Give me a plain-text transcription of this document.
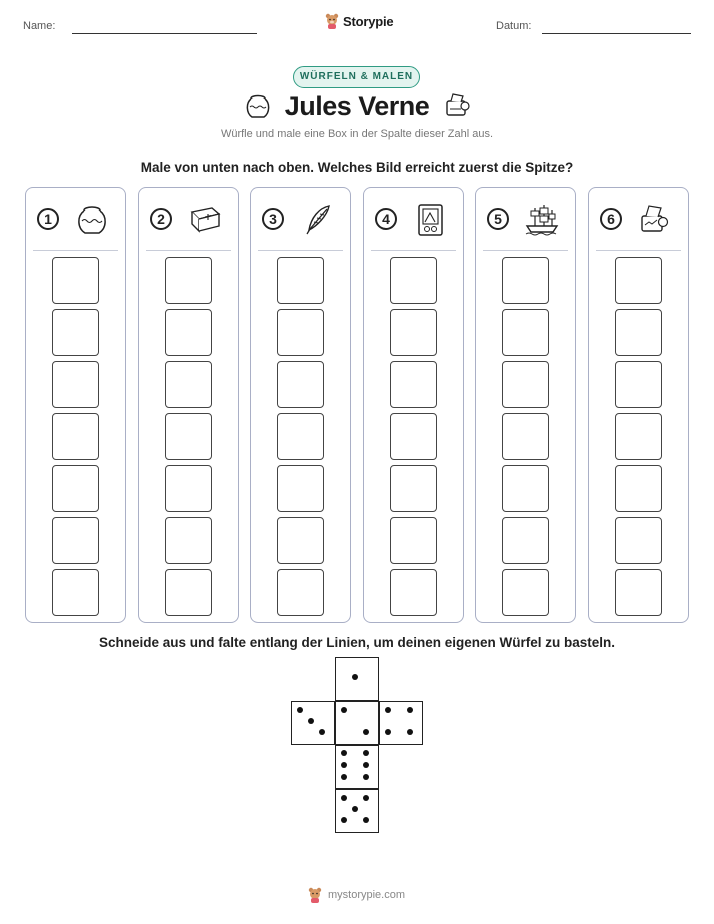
Name:	Storypie	Datum:
WÜRFELN & MALEN
Jules Verne
Würfle und male eine Box in der Spalte dieser Zahl aus.
Male von unten nach oben. Welches Bild erreicht zuerst die Spitze?
1	2	3	4	5	6
Schneide aus und falte entlang der Linien, um deinen eigenen Würfel zu basteln.
mystorypie.com
